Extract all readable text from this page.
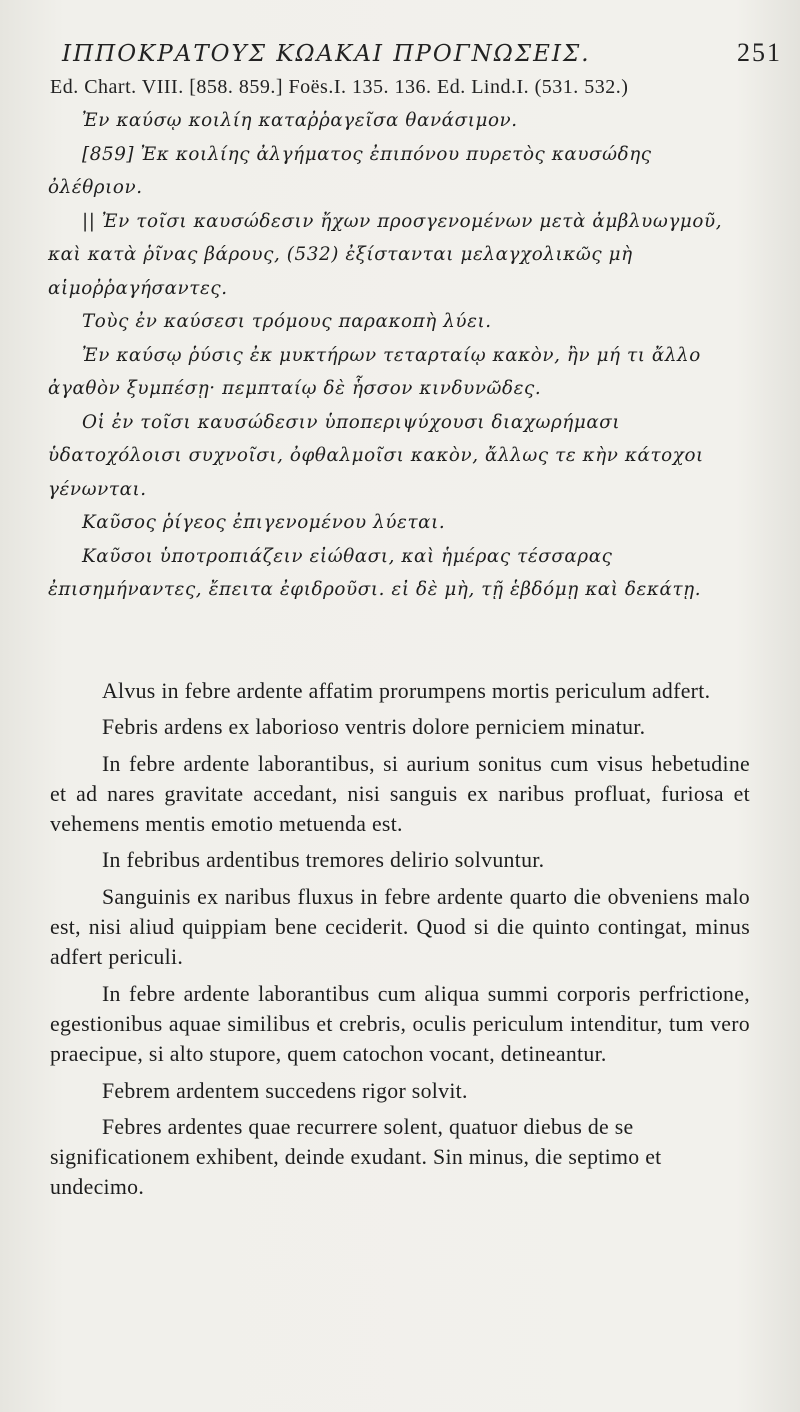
ΙΠΠΟΚΡΑΤΟΥΣ ΚΩΑΚΑΙ ΠΡΟΓΝΩΣΕΙΣ.	251
Ed. Chart. VIII. [858. 859.] Foës.I. 135. 136. Ed. Lind.I. (531. 532.)

Ἐν καύσῳ κοιλίη καταῤῥαγεῖσα θανάσιμον.

[859] Ἐκ κοιλίης ἀλγήματος ἐπιπόνου πυρετὸς καυσώδης ὀλέθριον.

|| Ἐν τοῖσι καυσώδεσιν ἤχων προσγενομένων μετὰ ἀμβλυωγμοῦ, καὶ κατὰ ῥῖνας βάρους, (532) ἐξίστανται μελαγχολικῶς μὴ αἱμοῤῥαγήσαντες.

Τοὺς ἐν καύσεσι τρόμους παρακοπὴ λύει.

Ἐν καύσῳ ῥύσις ἐκ μυκτήρων τεταρταίῳ κακὸν, ἢν μή τι ἄλλο ἀγαθὸν ξυμπέσῃ· πεμπταίῳ δὲ ἧσσον κινδυνῶδες.

Οἱ ἐν τοῖσι καυσώδεσιν ὑποπεριψύχουσι διαχωρήμασι ὑδατοχόλοισι συχνοῖσι, ὀφθαλμοῖσι κακὸν, ἄλλως τε κὴν κάτοχοι γένωνται.

Καῦσος ῥίγεος ἐπιγενομένου λύεται.

Καῦσοι ὑποτροπιάζειν εἰώθασι, καὶ ἡμέρας τέσσαρας ἐπισημήναντες, ἔπειτα ἐφιδροῦσι. εἰ δὲ μὴ, τῇ ἑβδόμῃ καὶ δεκάτῃ.

Alvus in febre ardente affatim prorumpens mortis periculum adfert.

Febris ardens ex laborioso ventris dolore perniciem minatur.

In febre ardente laborantibus, si aurium sonitus cum visus hebetudine et ad nares gravitate accedant, nisi sanguis ex naribus profluat, furiosa et vehemens mentis emotio metuenda est.

In febribus ardentibus tremores delirio solvuntur.

Sanguinis ex naribus fluxus in febre ardente quarto die obveniens malo est, nisi aliud quippiam bene ceciderit. Quod si die quinto contingat, minus adfert periculi.

In febre ardente laborantibus cum aliqua summi corporis perfrictione, egestionibus aquae similibus et crebris, oculis periculum intenditur, tum vero praecipue, si alto stupore, quem catochon vocant, detineantur.

Febrem ardentem succedens rigor solvit.

Febres ardentes quae recurrere solent, quatuor diebus de se significationem exhibent, deinde exudant. Sin minus, die septimo et undecimo.
